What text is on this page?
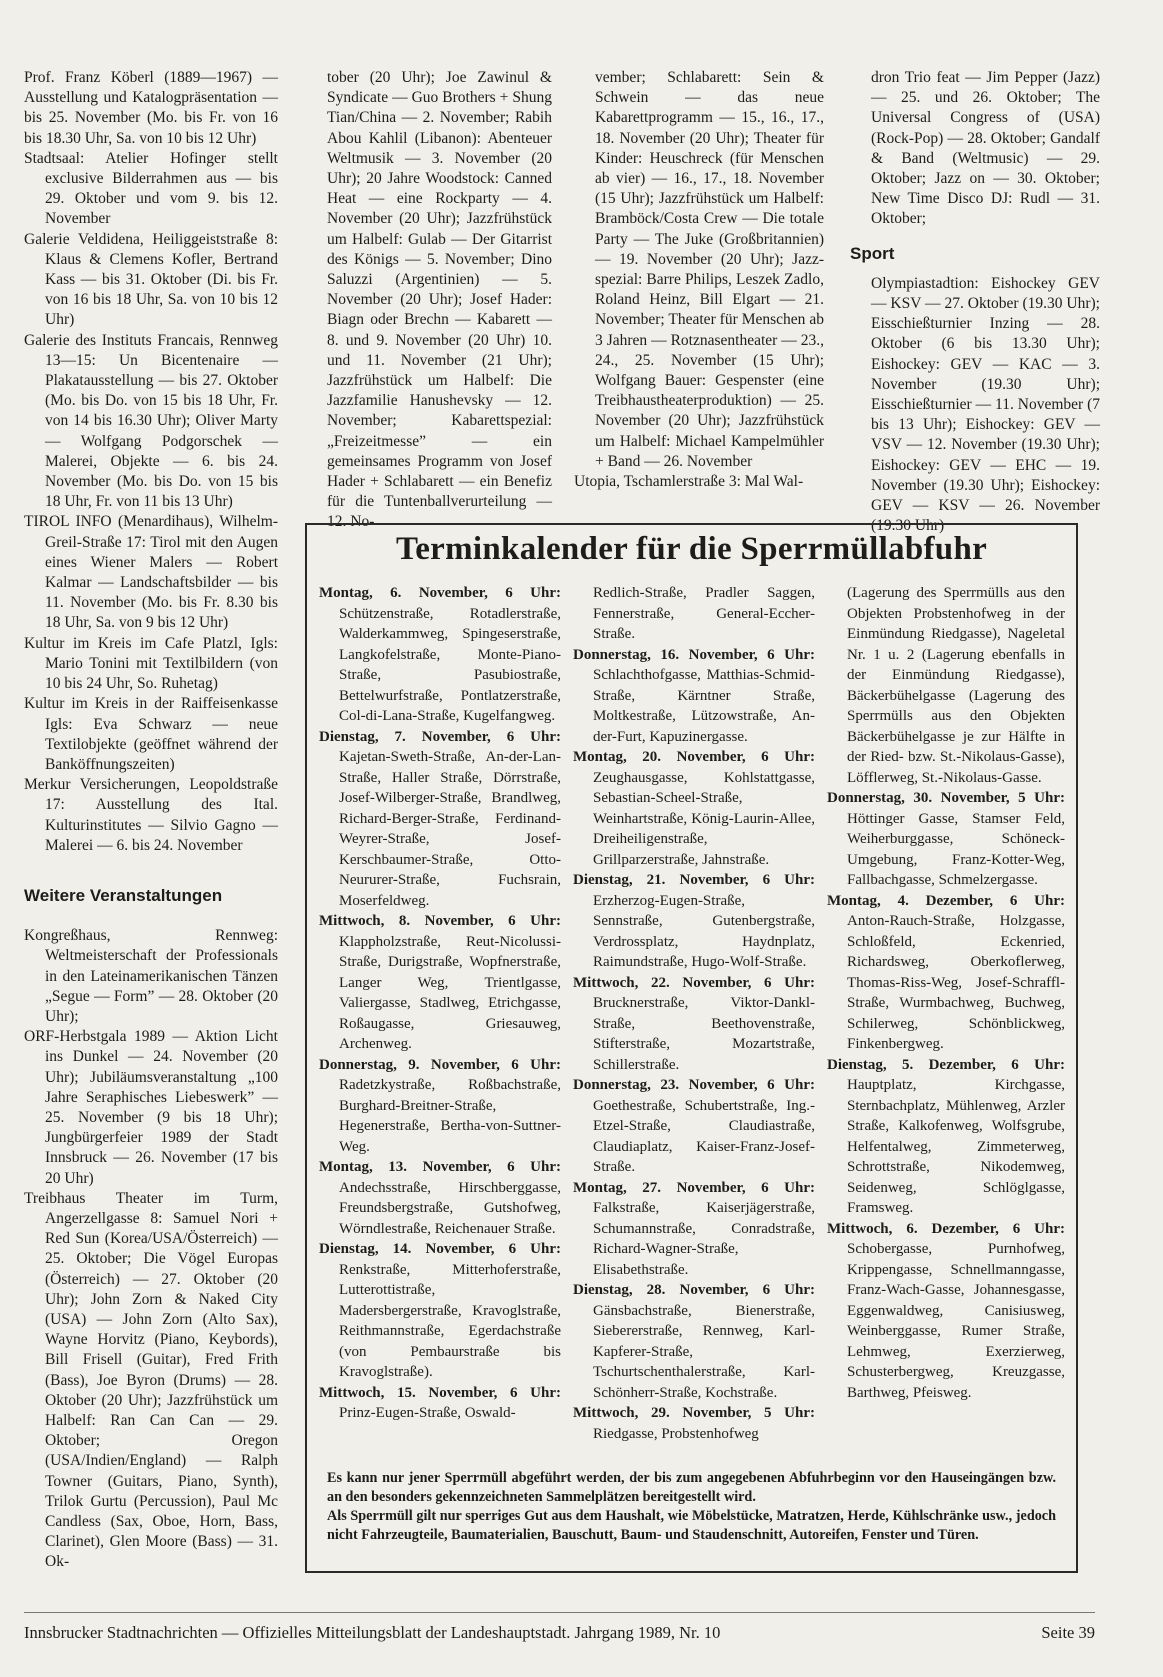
Prof. Franz Köberl (1889—1967) — Ausstellung und Katalogpräsentation — bis 25. November (Mo. bis Fr. von 16 bis 18.30 Uhr, Sa. von 10 bis 12 Uhr)

Stadtsaal: Atelier Hofinger stellt exclusive Bilderrahmen aus — bis 29. Oktober und vom 9. bis 12. November

Galerie Veldidena, Heiliggeiststraße 8: Klaus & Clemens Kofler, Bertrand Kass — bis 31. Oktober (Di. bis Fr. von 16 bis 18 Uhr, Sa. von 10 bis 12 Uhr)

Galerie des Instituts Francais, Rennweg 13—15: Un Bicentenaire — Plakatausstellung — bis 27. Oktober (Mo. bis Do. von 15 bis 18 Uhr, Fr. von 14 bis 16.30 Uhr); Oliver Marty — Wolfgang Podgorschek — Malerei, Objekte — 6. bis 24. November (Mo. bis Do. von 15 bis 18 Uhr, Fr. von 11 bis 13 Uhr)

TIROL INFO (Menardihaus), Wilhelm-Greil-Straße 17: Tirol mit den Augen eines Wiener Malers — Robert Kalmar — Landschaftsbilder — bis 11. November (Mo. bis Fr. 8.30 bis 18 Uhr, Sa. von 9 bis 12 Uhr)

Kultur im Kreis im Cafe Platzl, Igls: Mario Tonini mit Textilbildern (von 10 bis 24 Uhr, So. Ruhetag)

Kultur im Kreis in der Raiffeisenkasse Igls: Eva Schwarz — neue Textilobjekte (geöffnet während der Banköffnungszeiten)

Merkur Versicherungen, Leopoldstraße 17: Ausstellung des Ital. Kulturinstitutes — Silvio Gagno — Malerei — 6. bis 24. November

Weitere Veranstaltungen

Kongreßhaus, Rennweg: Weltmeisterschaft der Professionals in den Lateinamerikanischen Tänzen „Segue — Form” — 28. Oktober (20 Uhr);

ORF-Herbstgala 1989 — Aktion Licht ins Dunkel — 24. November (20 Uhr); Jubiläumsveranstaltung „100 Jahre Seraphisches Liebeswerk” — 25. November (9 bis 18 Uhr); Jungbürgerfeier 1989 der Stadt Innsbruck — 26. November (17 bis 20 Uhr)

Treibhaus Theater im Turm, Angerzellgasse 8: Samuel Nori + Red Sun (Korea/USA/Österreich) — 25. Oktober; Die Vögel Europas (Österreich) — 27. Oktober (20 Uhr); John Zorn & Naked City (USA) — John Zorn (Alto Sax), Wayne Horvitz (Piano, Keybords), Bill Frisell (Guitar), Fred Frith (Bass), Joe Byron (Drums) — 28. Oktober (20 Uhr); Jazzfrühstück um Halbelf: Ran Can Can — 29. Oktober; Oregon (USA/Indien/England) — Ralph Towner (Guitars, Piano, Synth), Trilok Gurtu (Percussion), Paul Mc Candless (Sax, Oboe, Horn, Bass, Clarinet), Glen Moore (Bass) — 31. Ok-

tober (20 Uhr); Joe Zawinul & Syndicate — Guo Brothers + Shung Tian/China — 2. November; Rabih Abou Kahlil (Libanon): Abenteuer Weltmusik — 3. November (20 Uhr); 20 Jahre Woodstock: Canned Heat — eine Rockparty — 4. November (20 Uhr); Jazzfrühstück um Halbelf: Gulab — Der Gitarrist des Königs — 5. November; Dino Saluzzi (Argentinien) — 5. November (20 Uhr); Josef Hader: Biagn oder Brechn — Kabarett — 8. und 9. November (20 Uhr) 10. und 11. November (21 Uhr); Jazzfrühstück um Halbelf: Die Jazzfamilie Hanushevsky — 12. November; Kabarettspezial: „Freizeitmesse” — ein gemeinsames Programm von Josef Hader + Schlabarett — ein Benefiz für die Tuntenballverurteilung — 12. No-

vember; Schlabarett: Sein & Schwein — das neue Kabarettprogramm — 15., 16., 17., 18. November (20 Uhr); Theater für Kinder: Heuschreck (für Menschen ab vier) — 16., 17., 18. November (15 Uhr); Jazzfrühstück um Halbelf: Bramböck/Costa Crew — Die totale Party — The Juke (Großbritannien) — 19. November (20 Uhr); Jazz-spezial: Barre Philips, Leszek Zadlo, Roland Heinz, Bill Elgart — 21. November; Theater für Menschen ab 3 Jahren — Rotznasentheater — 23., 24., 25. November (15 Uhr); Wolfgang Bauer: Gespenster (eine Treibhaustheaterproduktion) — 25. November (20 Uhr); Jazzfrühstück um Halbelf: Michael Kampelmühler + Band — 26. November

Utopia, Tschamlerstraße 3: Mal Wal-

dron Trio feat — Jim Pepper (Jazz) — 25. und 26. Oktober; The Universal Congress of (USA) (Rock-Pop) — 28. Oktober; Gandalf & Band (Weltmusic) — 29. Oktober; Jazz on — 30. Oktober; New Time Disco DJ: Rudl — 31. Oktober;

Sport

Olympiastadtion: Eishockey GEV — KSV — 27. Oktober (19.30 Uhr); Eisschießturnier Inzing — 28. Oktober (6 bis 13.30 Uhr); Eishockey: GEV — KAC — 3. November (19.30 Uhr); Eisschießturnier — 11. November (7 bis 13 Uhr); Eishockey: GEV — VSV — 12. November (19.30 Uhr); Eishockey: GEV — EHC — 19. November (19.30 Uhr); Eishockey: GEV — KSV — 26. November (19.30 Uhr)

Terminkalender für die Sperrmüllabfuhr
Montag, 6. November, 6 Uhr:
Schützenstraße, Rotadlerstraße, Walderkammweg, Spingeserstraße, Langkofelstraße, Monte-Piano-Straße, Pasubiostraße, Bettelwurfstraße, Pontlatzerstraße, Col-di-Lana-Straße, Kugelfangweg.
Dienstag, 7. November, 6 Uhr:
Kajetan-Sweth-Straße, An-der-Lan-Straße, Haller Straße, Dörrstraße, Josef-Wilberger-Straße, Brandlweg, Richard-Berger-Straße, Ferdinand-Weyrer-Straße, Josef-Kerschbaumer-Straße, Otto-Neururer-Straße, Fuchsrain, Moserfeldweg.
Mittwoch, 8. November, 6 Uhr:
Klappholzstraße, Reut-Nicolussi-Straße, Durigstraße, Wopfnerstraße, Langer Weg, Trientlgasse, Valiergasse, Stadlweg, Etrichgasse, Roßaugasse, Griesauweg, Archenweg.
Donnerstag, 9. November, 6 Uhr:
Radetzkystraße, Roßbachstraße, Burghard-Breitner-Straße, Hegenerstraße, Bertha-von-Suttner-Weg.
Montag, 13. November, 6 Uhr:
Andechsstraße, Hirschberggasse, Freundsbergstraße, Gutshofweg, Wörndlestraße, Reichenauer Straße.
Dienstag, 14. November, 6 Uhr:
Renkstraße, Mitterhoferstraße, Lutterottistraße, Madersbergerstraße, Kravoglstraße, Reithmannstraße, Egerdachstraße (von Pembaurstraße bis Kravoglstraße).
Mittwoch, 15. November, 6 Uhr:
Prinz-Eugen-Straße, Oswald-
Redlich-Straße, Pradler Saggen, Fennerstraße, General-Eccher-Straße.
Donnerstag, 16. November, 6 Uhr:
Schlachthofgasse, Matthias-Schmid-Straße, Kärntner Straße, Moltkestraße, Lützowstraße, An-der-Furt, Kapuzinergasse.
Montag, 20. November, 6 Uhr:
Zeughausgasse, Kohlstattgasse, Sebastian-Scheel-Straße, Weinhartstraße, König-Laurin-Allee, Dreiheiligenstraße, Grillparzerstraße, Jahnstraße.
Dienstag, 21. November, 6 Uhr:
Erzherzog-Eugen-Straße, Sennstraße, Gutenbergstraße, Verdrossplatz, Haydnplatz, Raimundstraße, Hugo-Wolf-Straße.
Mittwoch, 22. November, 6 Uhr:
Brucknerstraße, Viktor-Dankl-Straße, Beethovenstraße, Stifterstraße, Mozartstraße, Schillerstraße.
Donnerstag, 23. November, 6 Uhr:
Goethestraße, Schubertstraße, Ing.-Etzel-Straße, Claudiastraße, Claudiaplatz, Kaiser-Franz-Josef-Straße.
Montag, 27. November, 6 Uhr:
Falkstraße, Kaiserjägerstraße, Schumannstraße, Conradstraße, Richard-Wagner-Straße, Elisabethstraße.
Dienstag, 28. November, 6 Uhr:
Gänsbachstraße, Bienerstraße, Siebererstraße, Rennweg, Karl-Kapferer-Straße, Tschurtschenthalerstraße, Karl-Schönherr-Straße, Kochstraße.
Mittwoch, 29. November, 5 Uhr:
Riedgasse, Probstenhofweg
(Lagerung des Sperrmülls aus den Objekten Probstenhofweg in der Einmündung Riedgasse), Nageletal Nr. 1 u. 2 (Lagerung ebenfalls in der Einmündung Riedgasse), Bäckerbühelgasse (Lagerung des Sperrmülls aus den Objekten Bäckerbühelgasse je zur Hälfte in der Ried- bzw. St.-Nikolaus-Gasse), Löfflerweg, St.-Nikolaus-Gasse.
Donnerstag, 30. November, 5 Uhr:
Höttinger Gasse, Stamser Feld, Weiherburggasse, Schöneck-Umgebung, Franz-Kotter-Weg, Fallbachgasse, Schmelzergasse.
Montag, 4. Dezember, 6 Uhr:
Anton-Rauch-Straße, Holzgasse, Schloßfeld, Eckenried, Richardsweg, Oberkoflerweg, Thomas-Riss-Weg, Josef-Schraffl-Straße, Wurmbachweg, Buchweg, Schilerweg, Schönblickweg, Finkenbergweg.
Dienstag, 5. Dezember, 6 Uhr:
Hauptplatz, Kirchgasse, Sternbachplatz, Mühlenweg, Arzler Straße, Kalkofenweg, Wolfsgrube, Helfentalweg, Zimmeterweg, Schrottstraße, Nikodemweg, Seidenweg, Schlöglgasse, Framsweg.
Mittwoch, 6. Dezember, 6 Uhr:
Schobergasse, Purnhofweg, Krippengasse, Schnellmanngasse, Franz-Wach-Gasse, Johannesgasse, Eggenwaldweg, Canisiusweg, Weinberggasse, Rumer Straße, Lehmweg, Exerzierweg, Schusterbergweg, Kreuzgasse, Barthweg, Pfeisweg.

Es kann nur jener Sperrmüll abgeführt werden, der bis zum angegebenen Abfuhrbeginn vor den Hauseingängen bzw. an den besonders gekennzeichneten Sammelplätzen bereitgestellt wird.

Als Sperrmüll gilt nur sperriges Gut aus dem Haushalt, wie Möbelstücke, Matratzen, Herde, Kühlschränke usw., jedoch nicht Fahrzeugteile, Baumaterialien, Bauschutt, Baum- und Staudenschnitt, Autoreifen, Fenster und Türen.

Innsbrucker Stadtnachrichten — Offizielles Mitteilungsblatt der Landeshauptstadt. Jahrgang 1989, Nr. 10	Seite 39
